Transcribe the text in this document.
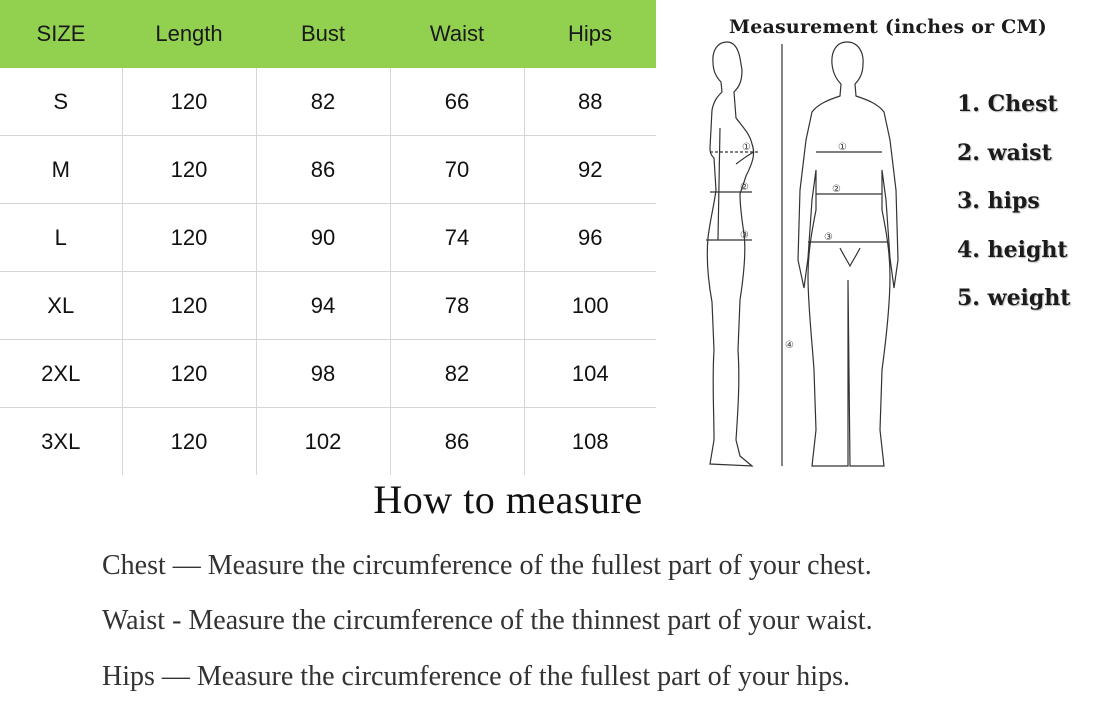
SIZE	Length	Bust	Waist	Hips
S	120	82	66	88
M	120	86	70	92
L	120	90	74	96
XL	120	94	78	100
2XL	120	98	82	104
3XL	120	102	86	108
Measurement (inches or CM)
①
②
③
①
②
③
④
1. Chest
2. waist
3. hips
4. height
5. weight
How to measure
Chest — Measure the circumference of the fullest part of your chest.
Waist - Measure the circumference of the thinnest part of your waist.
Hips — Measure the circumference of the fullest part of your hips.
